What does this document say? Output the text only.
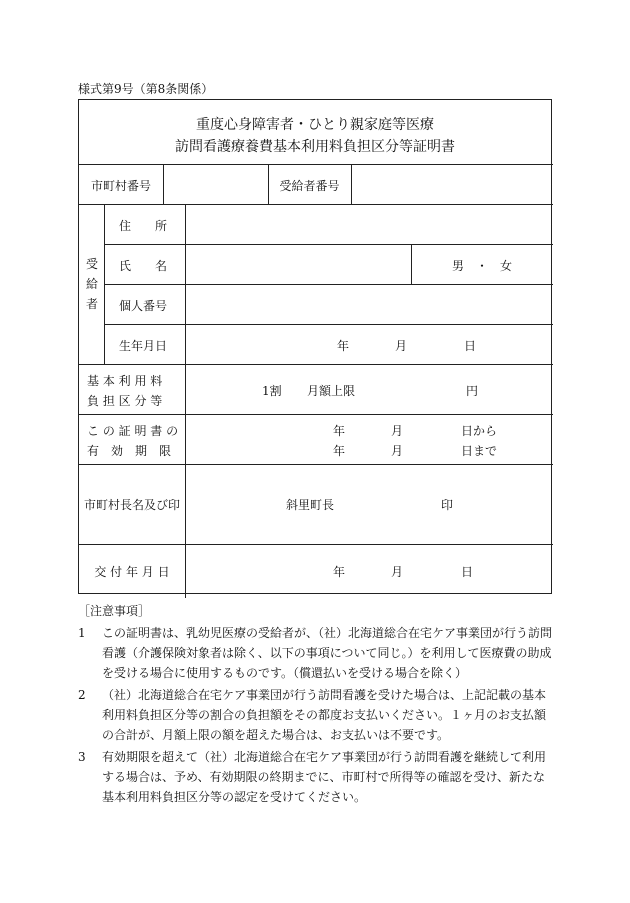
様式第9号（第8条関係）
重度心身障害者・ひとり親家庭等医療
訪問看護療養費基本利用料負担区分等証明書
市町村番号	受給者番号
受
給
者
住　　所
氏　　名	男　・　女
個人番号
生年月日	年	月	日
基 本 利 用 料
負 担 区 分 等
1割 月額上限	円
こ の 証 明 書 の
有　効　期　限
年	月	日から
年	月	日まで
市町村長名及び印	斜里町長	印
交 付 年 月 日	年	月	日
［注意事項］
1 この証明書は、乳幼児医療の受給者が、（社）北海道総合在宅ケア事業団が行う訪問看護（介護保険対象者は除く、以下の事項について同じ。）を利用して医療費の助成を受ける場合に使用するものです。（償還払いを受ける場合を除く）
2 （社）北海道総合在宅ケア事業団が行う訪問看護を受けた場合は、上記記載の基本利用料負担区分等の割合の負担額をその都度お支払いください。１ヶ月のお支払額の合計が、月額上限の額を超えた場合は、お支払いは不要です。
3 有効期限を超えて（社）北海道総合在宅ケア事業団が行う訪問看護を継続して利用する場合は、予め、有効期限の終期までに、市町村で所得等の確認を受け、新たな基本利用料負担区分等の認定を受けてください。
